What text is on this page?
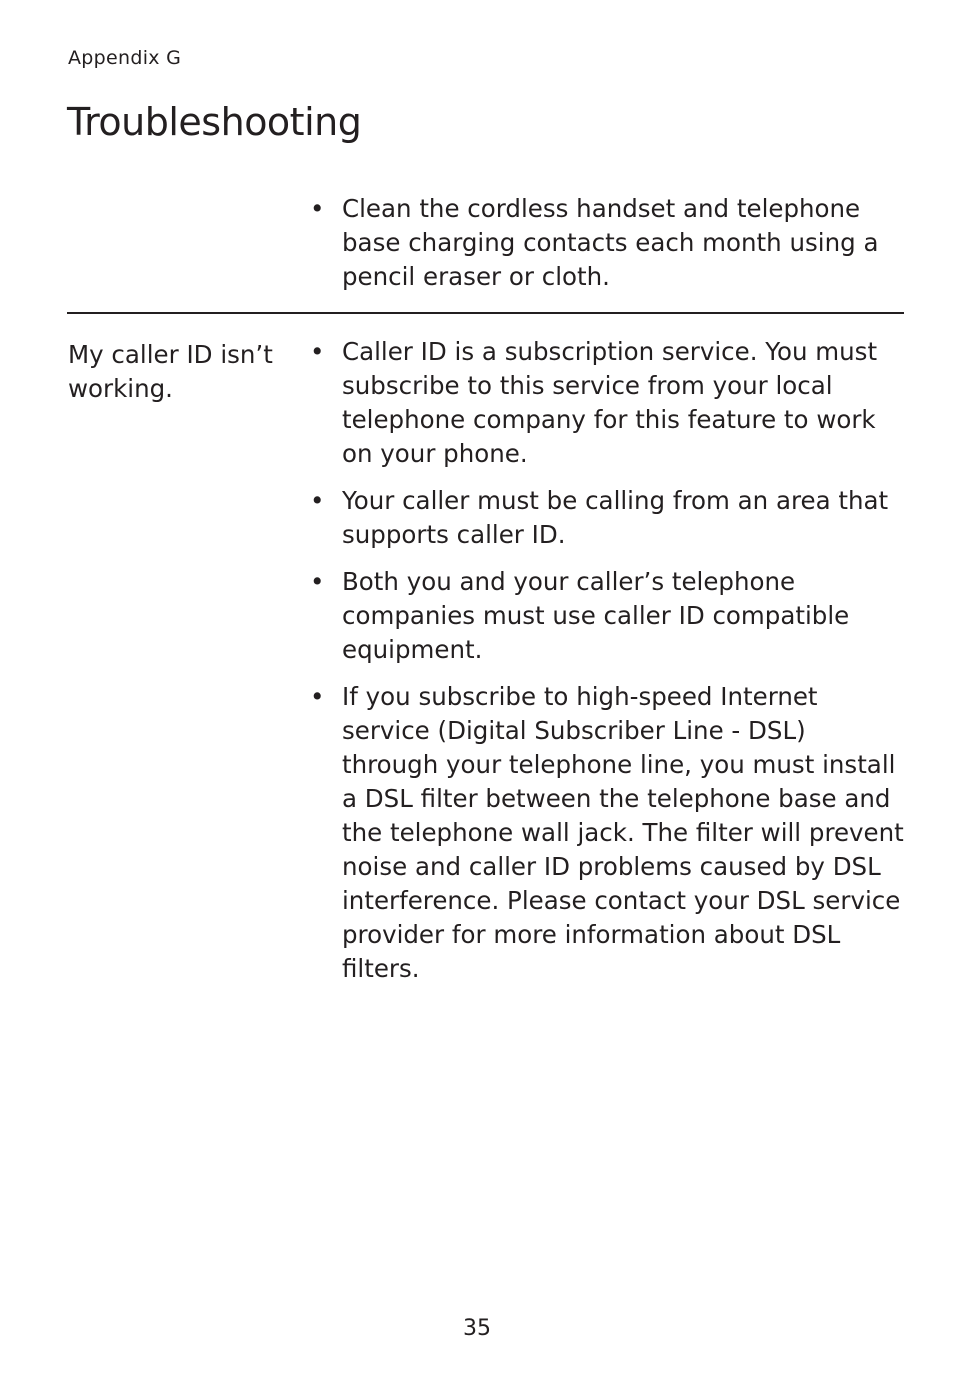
Appendix G
Troubleshooting
• Clean the cordless handset and telephone base charging contacts each month using a pencil eraser or cloth.
My caller ID isn’t working.
• Caller ID is a subscription service. You must subscribe to this service from your local telephone company for this feature to work on your phone.
• Your caller must be calling from an area that supports caller ID.
• Both you and your caller’s telephone companies must use caller ID compatible equipment.
• If you subscribe to high-speed Internet service (Digital Subscriber Line - DSL) through your telephone line, you must install a DSL filter between the telephone base and the telephone wall jack. The filter will prevent noise and caller ID problems caused by DSL interference. Please contact your DSL service provider for more information about DSL filters.
35
